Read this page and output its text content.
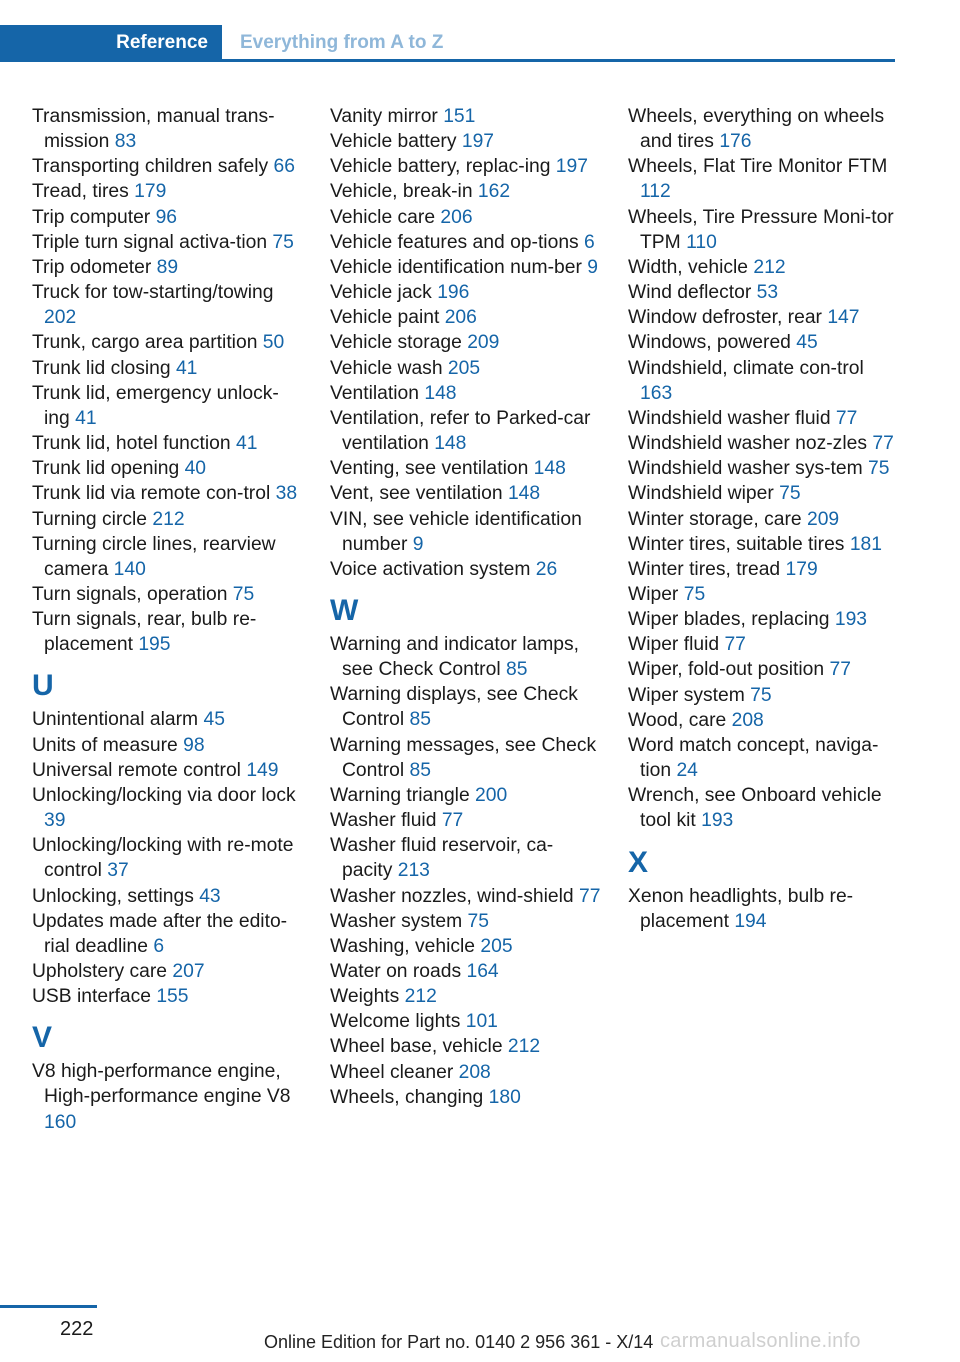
Reference	Everything from A to Z

Transmission, manual trans-mission 83

Transporting children safely 66

Tread, tires 179

Trip computer 96

Triple turn signal activa-tion 75

Trip odometer 89

Truck for tow-starting/towing 202

Trunk, cargo area partition 50

Trunk lid closing 41

Trunk lid, emergency unlock-ing 41

Trunk lid, hotel function 41

Trunk lid opening 40

Trunk lid via remote con-trol 38

Turning circle 212

Turning circle lines, rearview camera 140

Turn signals, operation 75

Turn signals, rear, bulb re-placement 195

U

Unintentional alarm 45

Units of measure 98

Universal remote control 149

Unlocking/locking via door lock 39

Unlocking/locking with re-mote control 37

Unlocking, settings 43

Updates made after the edito-rial deadline 6

Upholstery care 207

USB interface 155

V

V8 high-performance engine, High-performance engine V8 160

Vanity mirror 151

Vehicle battery 197

Vehicle battery, replac-ing 197

Vehicle, break-in 162

Vehicle care 206

Vehicle features and op-tions 6

Vehicle identification num-ber 9

Vehicle jack 196

Vehicle paint 206

Vehicle storage 209

Vehicle wash 205

Ventilation 148

Ventilation, refer to Parked-car ventilation 148

Venting, see ventilation 148

Vent, see ventilation 148

VIN, see vehicle identification number 9

Voice activation system 26

W

Warning and indicator lamps, see Check Control 85

Warning displays, see Check Control 85

Warning messages, see Check Control 85

Warning triangle 200

Washer fluid 77

Washer fluid reservoir, ca-pacity 213

Washer nozzles, wind-shield 77

Washer system 75

Washing, vehicle 205

Water on roads 164

Weights 212

Welcome lights 101

Wheel base, vehicle 212

Wheel cleaner 208

Wheels, changing 180

Wheels, everything on wheels and tires 176

Wheels, Flat Tire Monitor FTM 112

Wheels, Tire Pressure Moni-tor TPM 110

Width, vehicle 212

Wind deflector 53

Window defroster, rear 147

Windows, powered 45

Windshield, climate con-trol 163

Windshield washer fluid 77

Windshield washer noz-zles 77

Windshield washer sys-tem 75

Windshield wiper 75

Winter storage, care 209

Winter tires, suitable tires 181

Winter tires, tread 179

Wiper 75

Wiper blades, replacing 193

Wiper fluid 77

Wiper, fold-out position 77

Wiper system 75

Wood, care 208

Word match concept, naviga-tion 24

Wrench, see Onboard vehicle tool kit 193

X

Xenon headlights, bulb re-placement 194

222
Online Edition for Part no. 0140 2 956 361 - X/14 carmanualsonline.info
